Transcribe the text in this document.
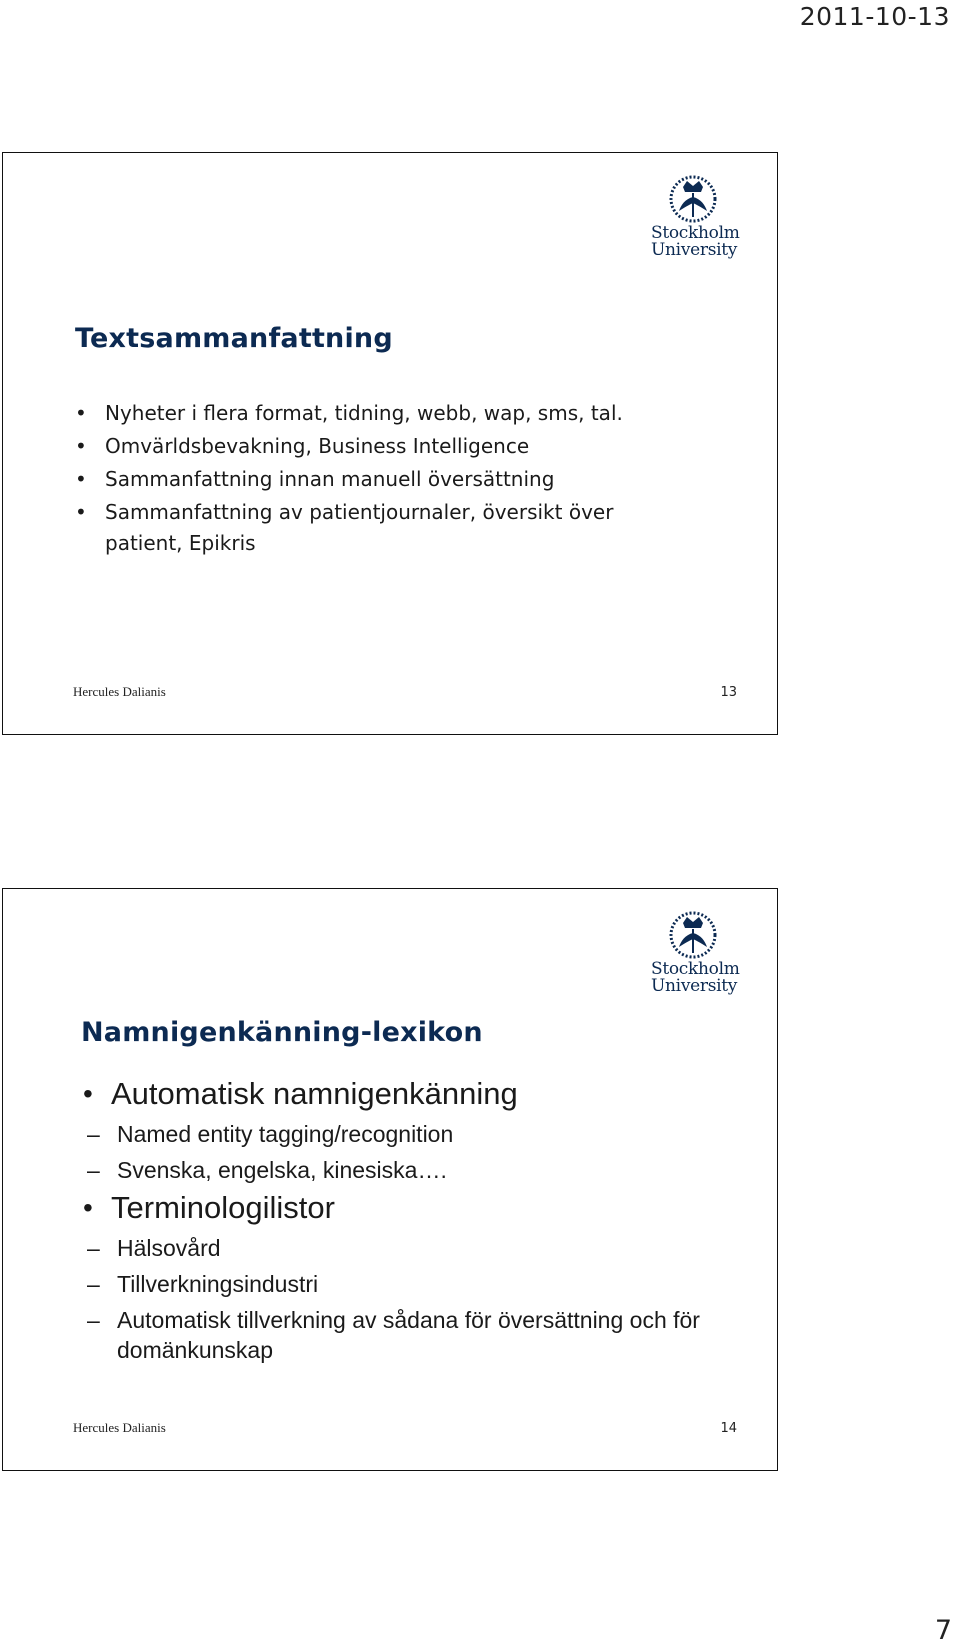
2011-10-13
Stockholm
University
Textsammanfattning
• Nyheter i flera format, tidning, webb, wap, sms, tal.
• Omvärldsbevakning, Business Intelligence
• Sammanfattning innan manuell översättning
• Sammanfattning av patientjournaler, översikt över patient, Epikris
Hercules Dalianis	13
Stockholm
University
Namnigenkänning-lexikon
• Automatisk namnigenkänning
– Named entity tagging/recognition
– Svenska, engelska, kinesiska….
• Terminologilistor
– Hälsovård
– Tillverkningsindustri
– Automatisk tillverkning av sådana för översättning och för domänkunskap
Hercules Dalianis	14
7
